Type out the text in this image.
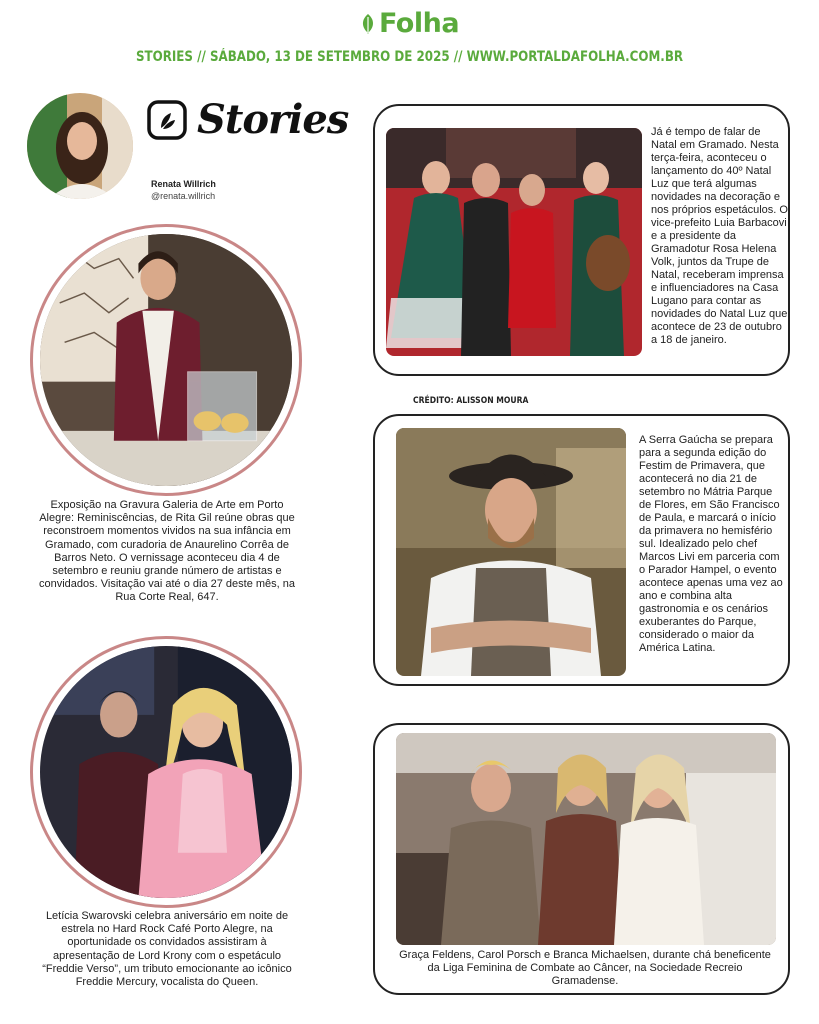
Folha
STORIES // SÁBADO, 13 DE SETEMBRO DE 2025 // WWW.PORTALDAFOLHA.COM.BR
Stories
Renata Willrich
@renata.willrich
Exposição na Gravura Galeria de Arte em Porto Alegre: Reminiscências, de Rita Gil reúne obras que reconstroem momentos vividos na sua infância em Gramado, com curadoria de Anaurelino Corrêa de Barros Neto. O vernissage aconteceu dia 4 de setembro e reuniu grande número de artistas e convidados. Visitação vai até o dia 27 deste mês, na Rua Corte Real, 647.
Letícia Swarovski celebra aniversário em noite de estrela no Hard Rock Café Porto Alegre, na oportunidade os convidados assistiram à apresentação de Lord Krony com o espetáculo “Freddie Verso”, um tributo emocionante ao icônico Freddie Mercury, vocalista do Queen.
Já é tempo de falar de Natal em Gramado. Nesta terça-feira, aconteceu o lançamento do 40º Natal Luz que terá algumas novidades na decoração e nos próprios espetáculos. O vice-prefeito Luia Barbacovi e a presidente da Gramadotur Rosa Helena Volk, juntos da Trupe de Natal, receberam imprensa e influenciadores na Casa Lugano para contar as novidades do Natal Luz que acontece de 23 de outubro a 18 de janeiro.
CRÉDITO: ALISSON MOURA
A Serra Gaúcha se prepara para a segunda edição do Festim de Primavera, que acontecerá no dia 21 de setembro no Mátria Parque de Flores, em São Francisco de Paula, e marcará o início da primavera no hemisfério sul. Idealizado pelo chef Marcos Livi em parceria com o Parador Hampel, o evento acontece apenas uma vez ao ano e combina alta gastronomia e os cenários exuberantes do Parque, considerado o maior da América Latina.
Graça Feldens, Carol Porsch e Branca Michaelsen, durante chá beneficente da Liga Feminina de Combate ao Câncer, na Sociedade Recreio Gramadense.
